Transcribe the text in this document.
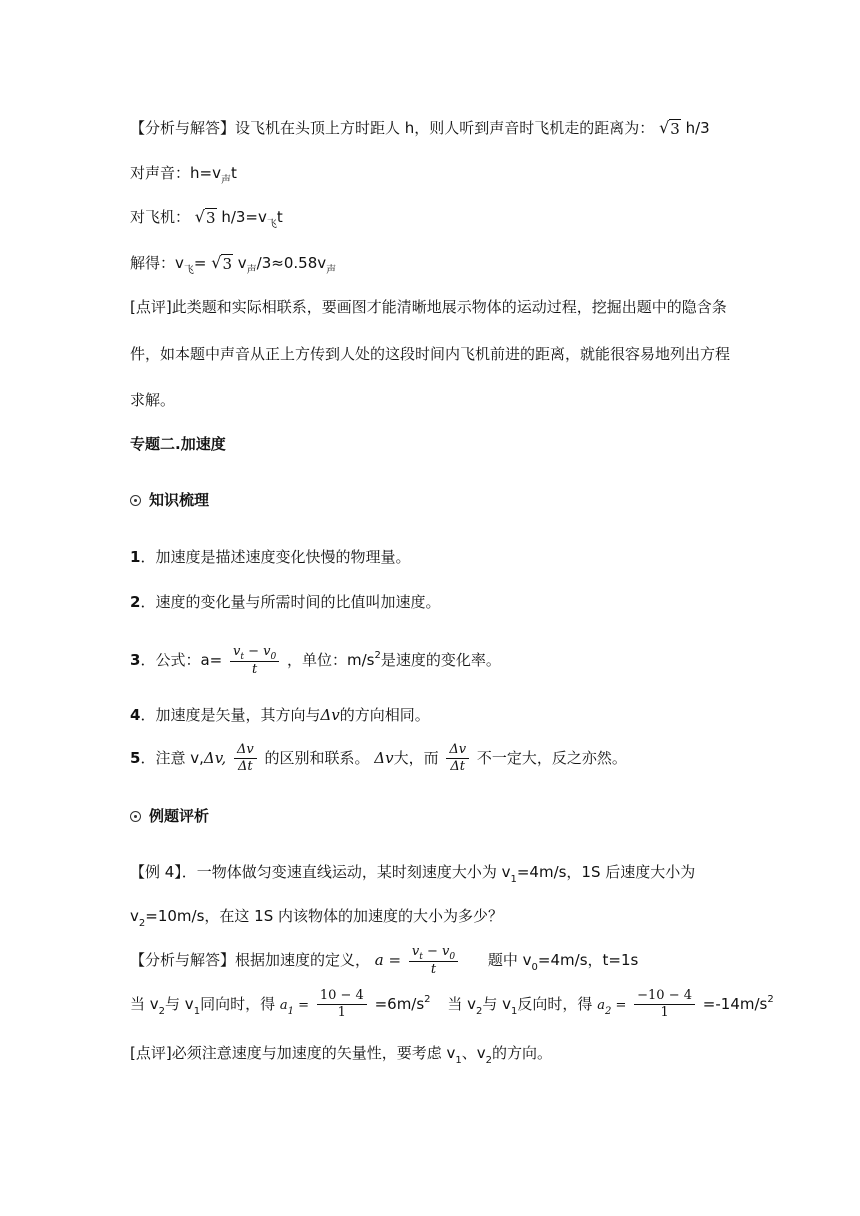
【分析与解答】设飞机在头顶上方时距人 h，则人听到声音时飞机走的距离为： √ 3 h/3
对声音：$h=v_声t$
对飞机： √ 3 $h/3=v_飞t$
解得：$v_飞=$ √ 3 $v_声/3\approx 0.58v_声$
[点评]此类题和实际相联系，要画图才能清晰地展示物体的运动过程，挖掘出题中的隐含条
件，如本题中声音从正上方传到人处的这段时间内飞机前进的距离，就能很容易地列出方程
求解。
专题二.加速度
知识梳理
1．加速度是描述速度变化快慢的物理量。
2．速度的变化量与所需时间的比值叫加速度。
3．公式：$a= \frac{v_t - v_0}{t}$ ，单位：$m/s^2$是速度的变化率。
4．加速度是矢量，其方向与Δv的方向相同。
5．注意 v,Δv, $\frac{\Delta v}{\Delta t}$ 的区别和联系。 Δv大，而 $\frac{\Delta v}{\Delta t}$ 不一定大，反之亦然。
例题评析
【例 4】．一物体做匀变速直线运动，某时刻速度大小为 $v_1=4m/s$，1S 后速度大小为
$v_2=10m/s$，在这 1S 内该物体的加速度的大小为多少？
【分析与解答】根据加速度的定义， $a = \frac{v_t - v_0}{t}$ 题中 $v_0=4m/s$，t=1s
当 $v_2$与 $v_1$同向时，得 $a_1 = \frac{10 - 4}{1} =6m/s^2$ 当 $v_2$与 $v_1$反向时，得 $a_2 = \frac{-10 - 4}{1} =-14m/s^2$
[点评]必须注意速度与加速度的矢量性，要考虑 $v_1$、$v_2$的方向。
